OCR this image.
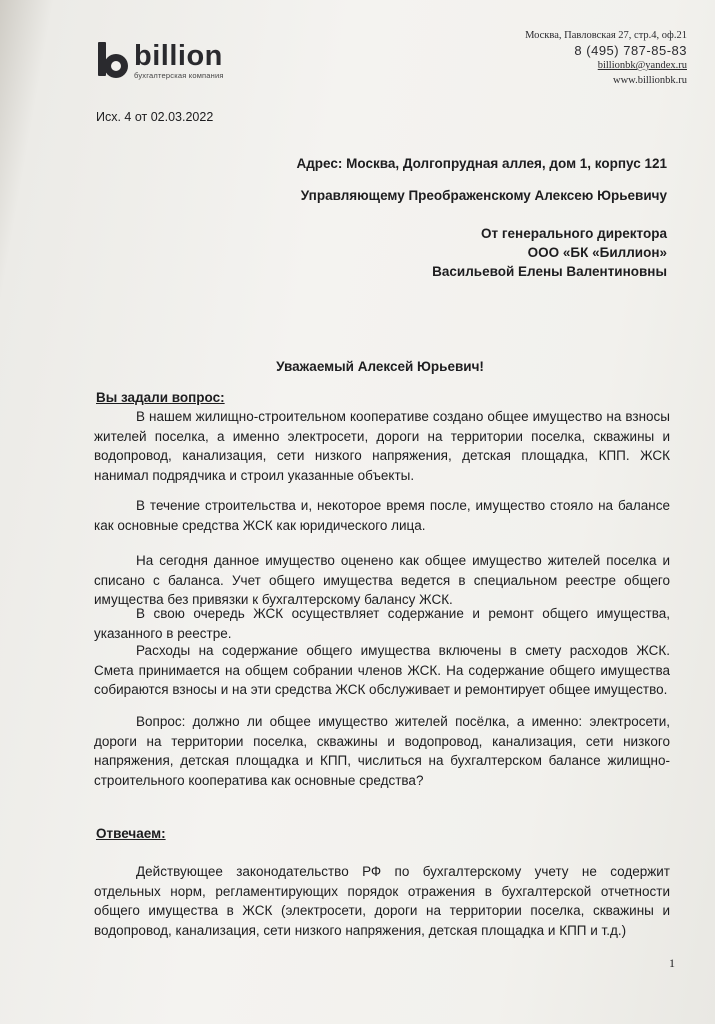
billion
бухгалтерская компания
Москва, Павловская 27, стр.4, оф.21
8 (495) 787-85-83
billionbk@yandex.ru
www.billionbk.ru
Исх. 4 от 02.03.2022
Адрес: Москва, Долгопрудная аллея, дом 1, корпус 121
Управляющему Преображенскому Алексею Юрьевичу
От генерального директора
ООО «БК «Биллион»
Васильевой Елены Валентиновны
Уважаемый Алексей Юрьевич!
Вы задали вопрос:
В нашем жилищно-строительном кооперативе создано общее имущество на взносы жителей поселка, а именно электросети, дороги на территории поселка, скважины и водопровод, канализация, сети низкого напряжения, детская площадка, КПП. ЖСК нанимал подрядчика и строил указанные объекты.
В течение строительства и, некоторое время после, имущество стояло на балансе как основные средства ЖСК как юридического лица.
На сегодня данное имущество оценено как общее имущество жителей поселка и списано с баланса. Учет общего имущества ведется в специальном реестре общего имущества без привязки к бухгалтерскому балансу ЖСК.
В свою очередь ЖСК осуществляет содержание и ремонт общего имущества, указанного в реестре.
Расходы на содержание общего имущества включены в смету расходов ЖСК. Смета принимается на общем собрании членов ЖСК. На содержание общего имущества собираются взносы и на эти средства ЖСК обслуживает и ремонтирует общее имущество.
Вопрос: должно ли общее имущество жителей посёлка, а именно: электросети, дороги на территории поселка, скважины и водопровод, канализация, сети низкого напряжения, детская площадка и КПП, числиться на бухгалтерском балансе жилищно-строительного кооператива как основные средства?
Отвечаем:
Действующее законодательство РФ по бухгалтерскому учету не содержит отдельных норм, регламентирующих порядок отражения в бухгалтерской отчетности общего имущества в ЖСК (электросети, дороги на территории поселка, скважины и водопровод, канализация, сети низкого напряжения, детская площадка и КПП и т.д.)
1
